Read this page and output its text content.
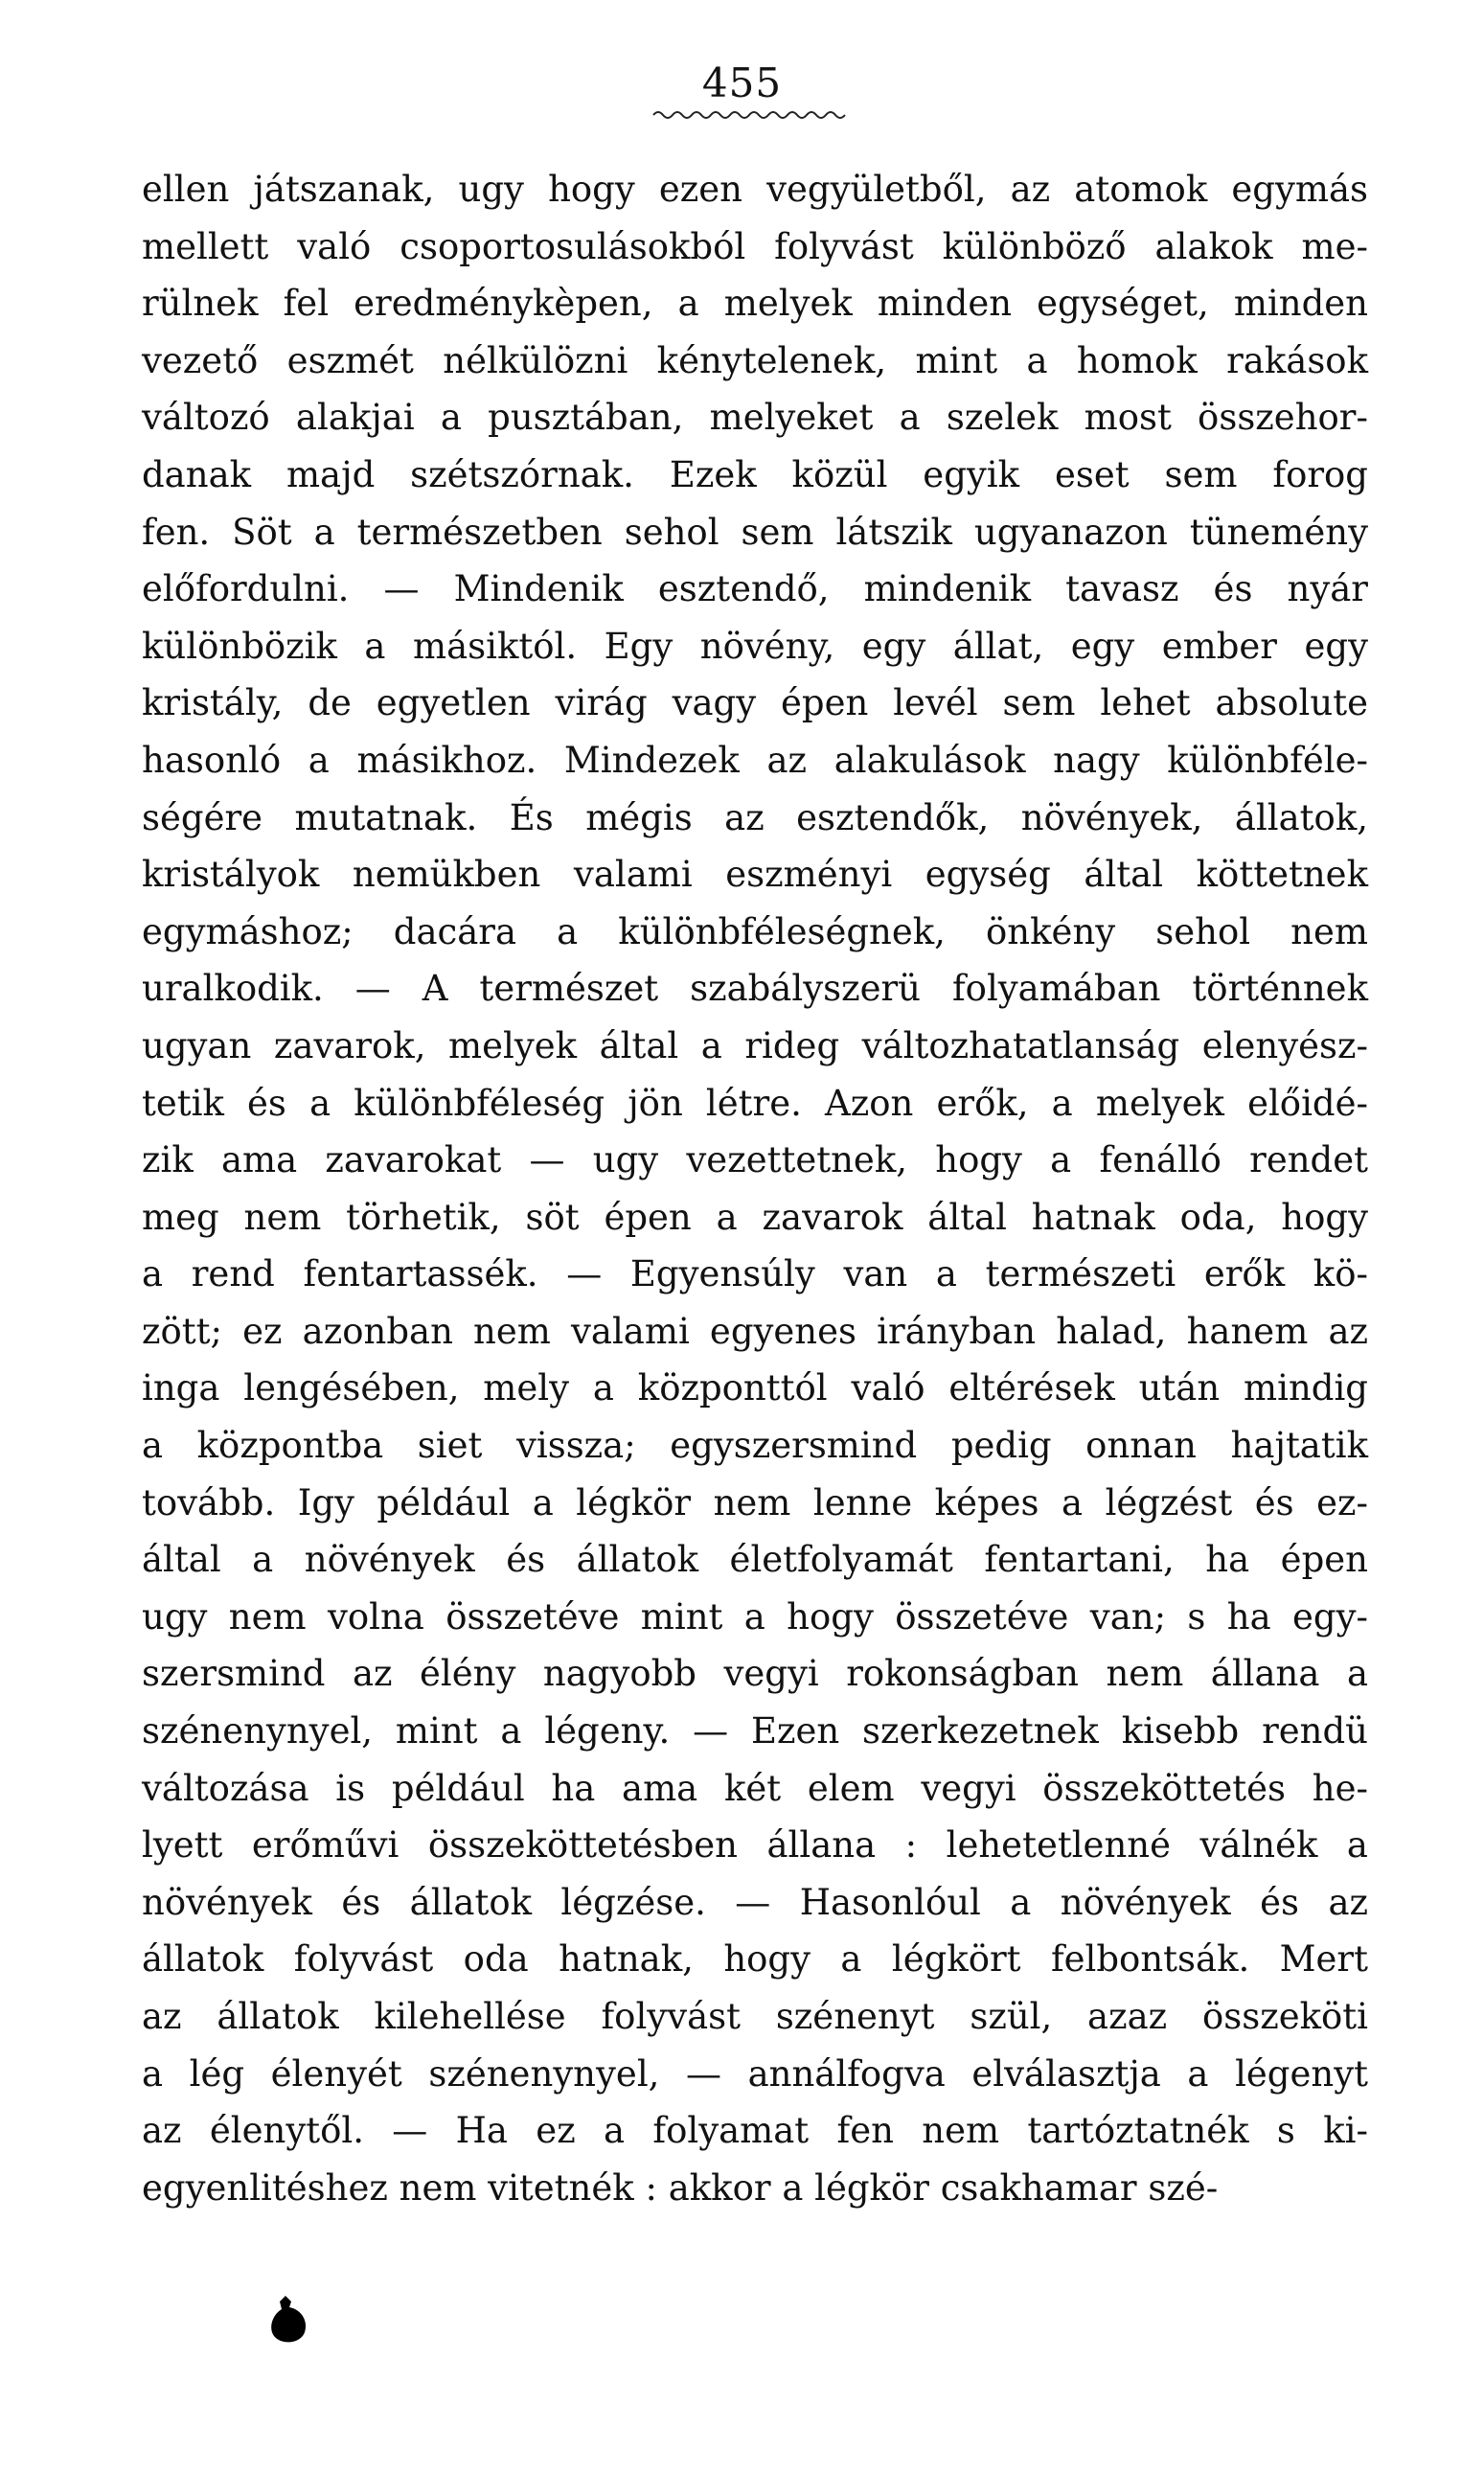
455
ellen játszanak, ugy hogy ezen vegyületből, az atomok egymás
mellett való csoportosulásokból folyvást különböző alakok me-
rülnek fel eredménykèpen, a melyek minden egységet, minden
vezető eszmét nélkülözni kénytelenek, mint a homok rakások
változó alakjai a pusztában, melyeket a szelek most összehor-
danak majd szétszórnak. Ezek közül egyik eset sem forog
fen. Söt a természetben sehol sem látszik ugyanazon tünemény
előfordulni. — Mindenik esztendő, mindenik tavasz és nyár
különbözik a másiktól. Egy növény, egy állat, egy ember egy
kristály, de egyetlen virág vagy épen levél sem lehet absolute
hasonló a másikhoz. Mindezek az alakulások nagy különbféle-
ségére mutatnak. És mégis az esztendők, növények, állatok,
kristályok nemükben valami eszményi egység által köttetnek
egymáshoz; dacára a különbféleségnek, önkény sehol nem
uralkodik. — A természet szabályszerü folyamában történnek
ugyan zavarok, melyek által a rideg változhatatlanság elenyész-
tetik és a különbféleség jön létre. Azon erők, a melyek előidé-
zik ama zavarokat — ugy vezettetnek, hogy a fenálló rendet
meg nem törhetik, söt épen a zavarok által hatnak oda, hogy
a rend fentartassék. — Egyensúly van a természeti erők kö-
zött; ez azonban nem valami egyenes irányban halad, hanem az
inga lengésében, mely a központtól való eltérések után mindig
a központba siet vissza; egyszersmind pedig onnan hajtatik
tovább. Igy például a légkör nem lenne képes a légzést és ez-
által a növények és állatok életfolyamát fentartani, ha épen
ugy nem volna összetéve mint a hogy összetéve van; s ha egy-
szersmind az élény nagyobb vegyi rokonságban nem állana a
szénenynyel, mint a légeny. — Ezen szerkezetnek kisebb rendü
változása is például ha ama két elem vegyi összeköttetés he-
lyett erőművi összeköttetésben állana : lehetetlenné válnék a
növények és állatok légzése. — Hasonlóul a növények és az
állatok folyvást oda hatnak, hogy a légkört felbontsák. Mert
az állatok kilehellése folyvást szénenyt szül, azaz összeköti
a lég élenyét szénenynyel, — annálfogva elválasztja a légenyt
az élenytől. — Ha ez a folyamat fen nem tartóztatnék s ki-
egyenlitéshez nem vitetnék : akkor a légkör csakhamar szé-
